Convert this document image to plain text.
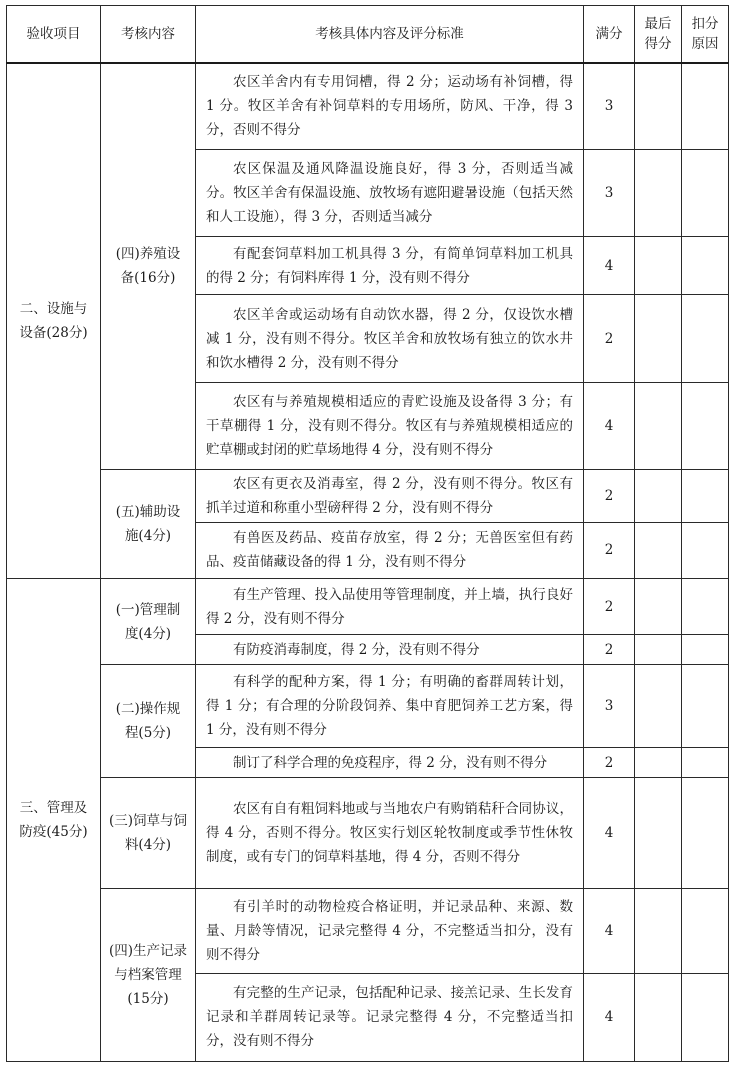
验收项目	考核内容	考核具体内容及评分标准	满分	最后得分	扣分原因
二、设施与设备(28分)	(四)养殖设备(16分)	农区羊舍内有专用饲槽，得 2 分；运动场有补饲槽，得 1 分。牧区羊舍有补饲草料的专用场所，防风、干净，得 3 分，否则不得分	3		
		农区保温及通风降温设施良好，得 3 分，否则适当减分。牧区羊舍有保温设施、放牧场有遮阳避暑设施（包括天然和人工设施），得 3 分，否则适当减分	3		
		有配套饲草料加工机具得 3 分，有简单饲草料加工机具的得 2 分；有饲料库得 1 分，没有则不得分	4		
		农区羊舍或运动场有自动饮水器，得 2 分，仅设饮水槽减 1 分，没有则不得分。牧区羊舍和放牧场有独立的饮水井和饮水槽得 2 分，没有则不得分	2		
		农区有与养殖规模相适应的青贮设施及设备得 3 分；有干草棚得 1 分，没有则不得分。牧区有与养殖规模相适应的贮草棚或封闭的贮草场地得 4 分，没有则不得分	4		
	(五)辅助设施(4分)	农区有更衣及消毒室，得 2 分，没有则不得分。牧区有抓羊过道和称重小型磅秤得 2 分，没有则不得分	2		
		有兽医及药品、疫苗存放室，得 2 分；无兽医室但有药品、疫苗储藏设备的得 1 分，没有则不得分	2		
三、管理及防疫(45分)	(一)管理制度(4分)	有生产管理、投入品使用等管理制度，并上墙，执行良好得 2 分，没有则不得分	2		
		有防疫消毒制度，得 2 分，没有则不得分	2		
	(二)操作规程(5分)	有科学的配种方案，得 1 分；有明确的畜群周转计划，得 1 分；有合理的分阶段饲养、集中育肥饲养工艺方案，得 1 分，没有则不得分	3		
		制订了科学合理的免疫程序，得 2 分，没有则不得分	2		
	(三)饲草与饲料(4分)	农区有自有粗饲料地或与当地农户有购销秸秆合同协议，得 4 分，否则不得分。牧区实行划区轮牧制度或季节性休牧制度，或有专门的饲草料基地，得 4 分，否则不得分	4		
	(四)生产记录与档案管理(15分)	有引羊时的动物检疫合格证明，并记录品种、来源、数量、月龄等情况，记录完整得 4 分，不完整适当扣分，没有则不得分	4		
		有完整的生产记录，包括配种记录、接羔记录、生长发育记录和羊群周转记录等。记录完整得 4 分，不完整适当扣分，没有则不得分	4		
